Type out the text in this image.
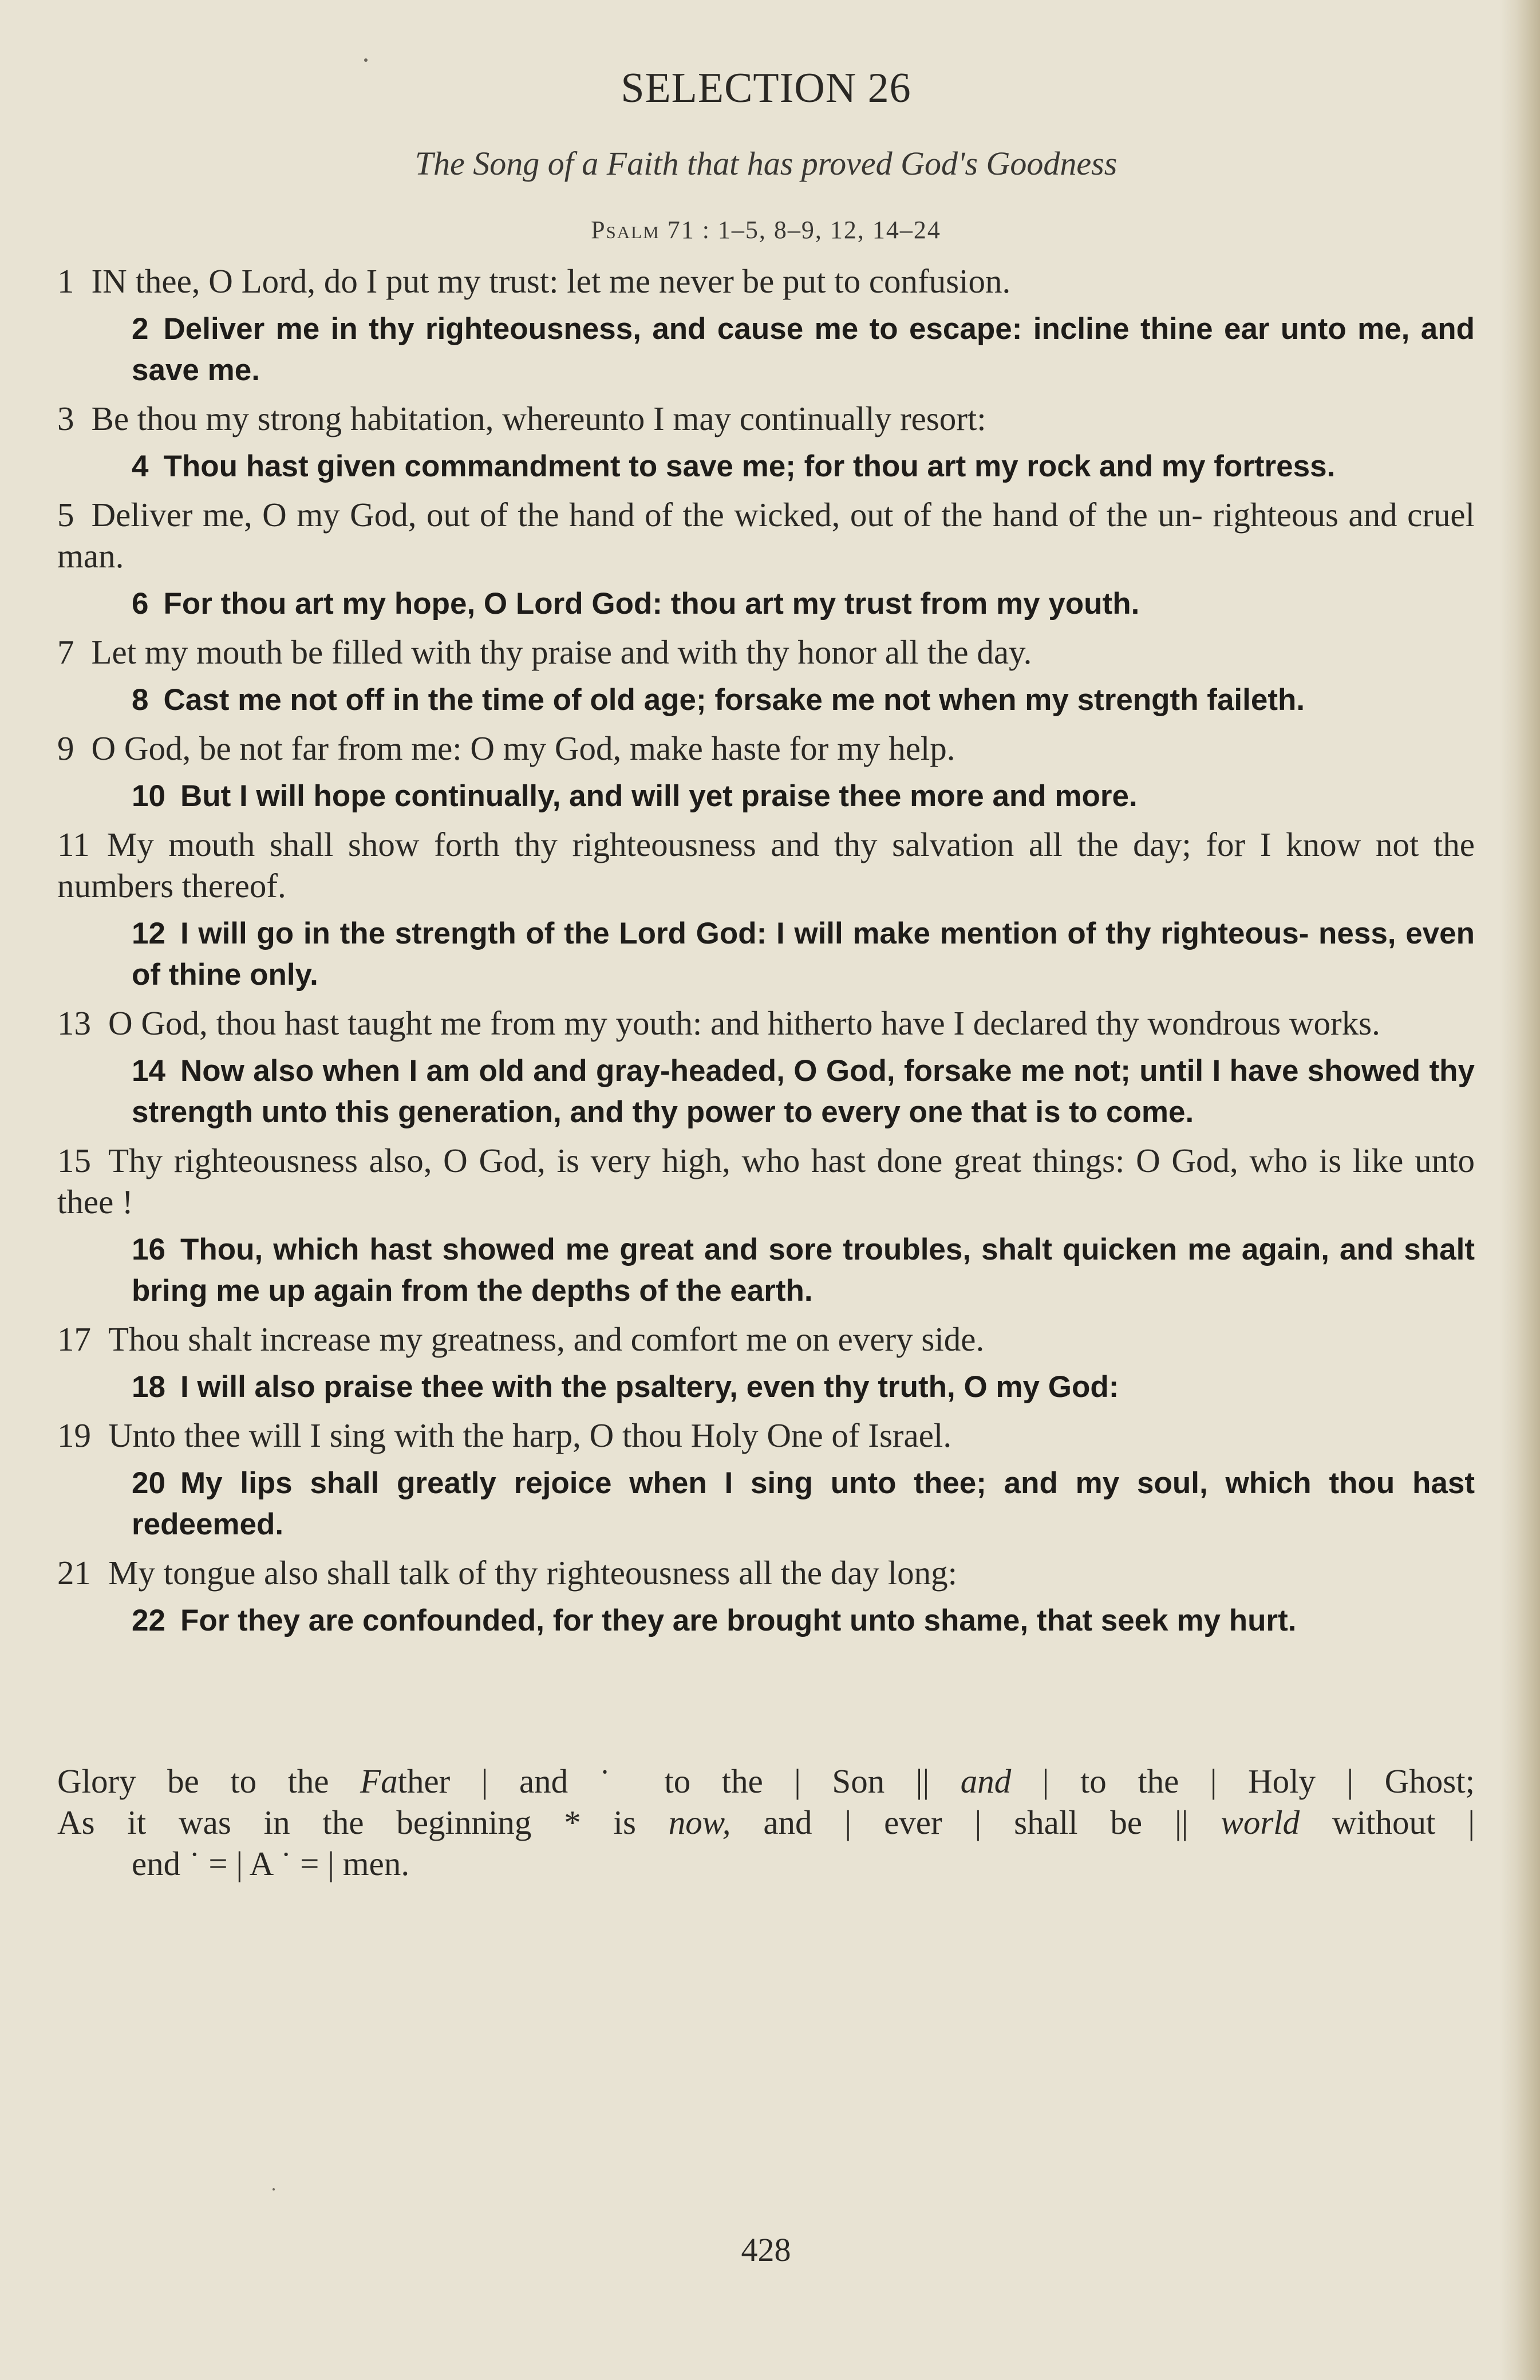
SELECTION 26
The Song of a Faith that has proved God's Goodness
Psalm 71 : 1–5, 8–9, 12, 14–24

1 IN thee, O Lord, do I put my trust: let me never be put to confusion.

2 Deliver me in thy righteousness, and cause me to escape: incline thine ear unto me, and save me.

3 Be thou my strong habitation, whereunto I may continually resort:

4 Thou hast given commandment to save me; for thou art my rock and my fortress.

5 Deliver me, O my God, out of the hand of the wicked, out of the hand of the un- righteous and cruel man.

6 For thou art my hope, O Lord God: thou art my trust from my youth.

7 Let my mouth be filled with thy praise and with thy honor all the day.

8 Cast me not off in the time of old age; forsake me not when my strength faileth.

9 O God, be not far from me: O my God, make haste for my help.

10 But I will hope continually, and will yet praise thee more and more.

11 My mouth shall show forth thy righteousness and thy salvation all the day; for I know not the numbers thereof.

12 I will go in the strength of the Lord God: I will make mention of thy righteous- ness, even of thine only.

13 O God, thou hast taught me from my youth: and hitherto have I declared thy wondrous works.

14 Now also when I am old and gray-headed, O God, forsake me not; until I have showed thy strength unto this generation, and thy power to every one that is to come.

15 Thy righteousness also, O God, is very high, who hast done great things: O God, who is like unto thee !

16 Thou, which hast showed me great and sore troubles, shalt quicken me again, and shalt bring me up again from the depths of the earth.

17 Thou shalt increase my greatness, and comfort me on every side.

18 I will also praise thee with the psaltery, even thy truth, O my God:

19 Unto thee will I sing with the harp, O thou Holy One of Israel.

20 My lips shall greatly rejoice when I sing unto thee; and my soul, which thou hast redeemed.

21 My tongue also shall talk of thy righteousness all the day long:

22 For they are confounded, for they are brought unto shame, that seek my hurt.

Glory be to the Father | and ˙ to the | Son || and | to the | Holy | Ghost;

As it was in the beginning * is now, and | ever | shall be || world without |

end ˙ = | A ˙ = | men.

428
